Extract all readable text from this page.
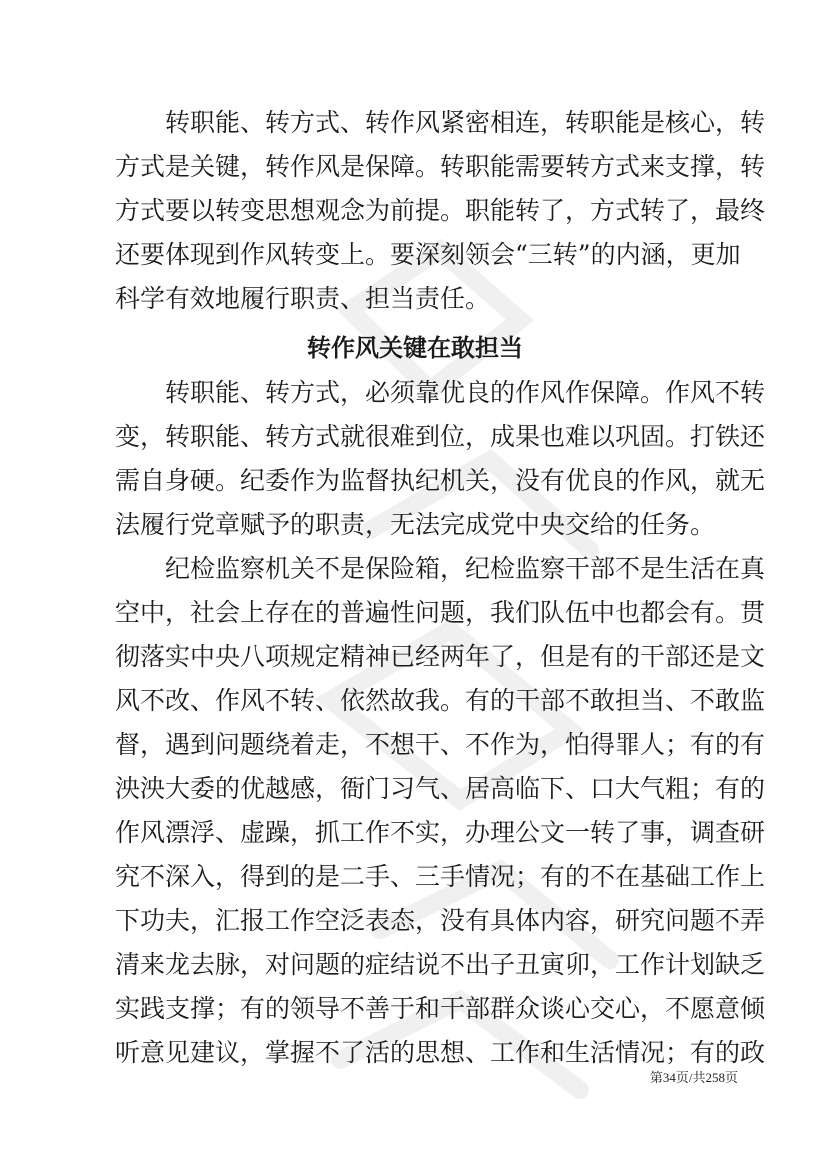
转职能、转方式、转作风紧密相连，转职能是核心，转
方式是关键，转作风是保障。转职能需要转方式来支撑，转
方式要以转变思想观念为前提。职能转了，方式转了，最终
还要体现到作风转变上。要深刻领会“三转”的内涵，更加
科学有效地履行职责、担当责任。
转作风关键在敢担当
转职能、转方式，必须靠优良的作风作保障。作风不转
变，转职能、转方式就很难到位，成果也难以巩固。打铁还
需自身硬。纪委作为监督执纪机关，没有优良的作风，就无
法履行党章赋予的职责，无法完成党中央交给的任务。
纪检监察机关不是保险箱，纪检监察干部不是生活在真
空中，社会上存在的普遍性问题，我们队伍中也都会有。贯
彻落实中央八项规定精神已经两年了，但是有的干部还是文
风不改、作风不转、依然故我。有的干部不敢担当、不敢监
督，遇到问题绕着走，不想干、不作为，怕得罪人；有的有
泱泱大委的优越感，衙门习气、居高临下、口大气粗；有的
作风漂浮、虚躁，抓工作不实，办理公文一转了事，调查研
究不深入，得到的是二手、三手情况；有的不在基础工作上
下功夫，汇报工作空泛表态，没有具体内容，研究问题不弄
清来龙去脉，对问题的症结说不出子丑寅卯，工作计划缺乏
实践支撑；有的领导不善于和干部群众谈心交心，不愿意倾
听意见建议，掌握不了活的思想、工作和生活情况；有的政
第34页/共258页
